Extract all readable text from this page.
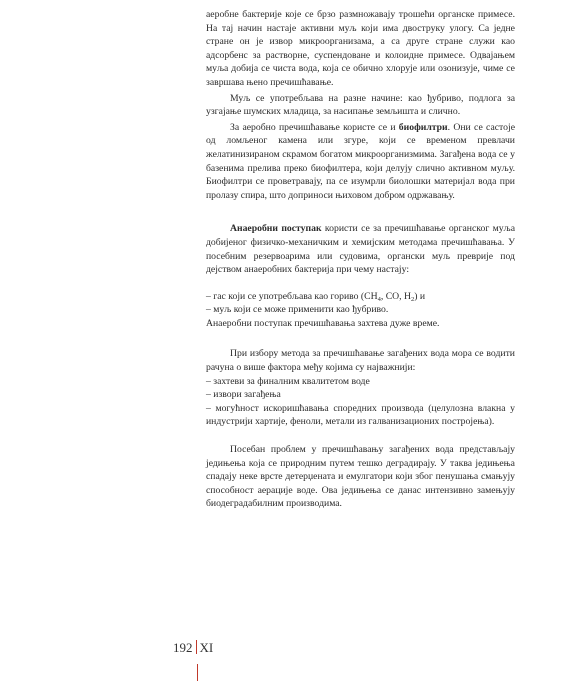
аеробне бактерије које се брзо размножавају трошећи органске примесе. На тај начин настаје активни муљ који има двоструку улогу. Са једне стране он је извор микроорганизама, а са друге стране служи као адсорбенс за растворне, суспендоване и колоидне примесе. Одвајањем муља добија се чиста вода, која се обично хлорује или озонизује, чиме се завршава њено пречишћавање.

Муљ се употребљава на разне начине: као ђубриво, подлога за узгајање шумских младица, за насипање земљишта и слично.

За аеробно пречишћавање користе се и биофилтри. Они се састоје од ломљеног камена или згуре, који се временом превлачи желатинизираном скрамом богатом микроорганизмима. Загађена вода се у базенима прелива преко биофилтера, који делују слично активном муљу. Биофилтри се проветравају, па се изумрли биолошки материјал вода при пролазу спира, што доприноси њиховом добром одржавању.

Анаеробни поступак користи се за пречишћавање органског муља добијеног физичко-механичким и хемијским методама пречишћавања. У посебним резервоарима или судовима, органски муљ преврије под дејством анаеробних бактерија при чему настају:

– гас који се употребљава као гориво ($CH_4$, CO, $H_2$) и
– муљ који се може применити као ђубриво.
Анаеробни поступак пречишћавања захтева дуже време.

При избору метода за пречишћавање загађених вода мора се водити рачуна о више фактора међу којима су најважнији:

– захтеви за финалним квалитетом воде
– извори загађења

– могућност искоришћавања споредних производа (целулозна влакна у индустрији хартије, феноли, метали из галванизационих постројења).

Посебан проблем у пречишћавању загађених вода представљају једињења која се природним путем тешко деградирају. У таква једињења спадају неке врсте детерџената и емулгатори који због пенушања смањују способност аерације воде. Ова једињења се данас интензивно замењују биодеградабилним производима.

192 XI
